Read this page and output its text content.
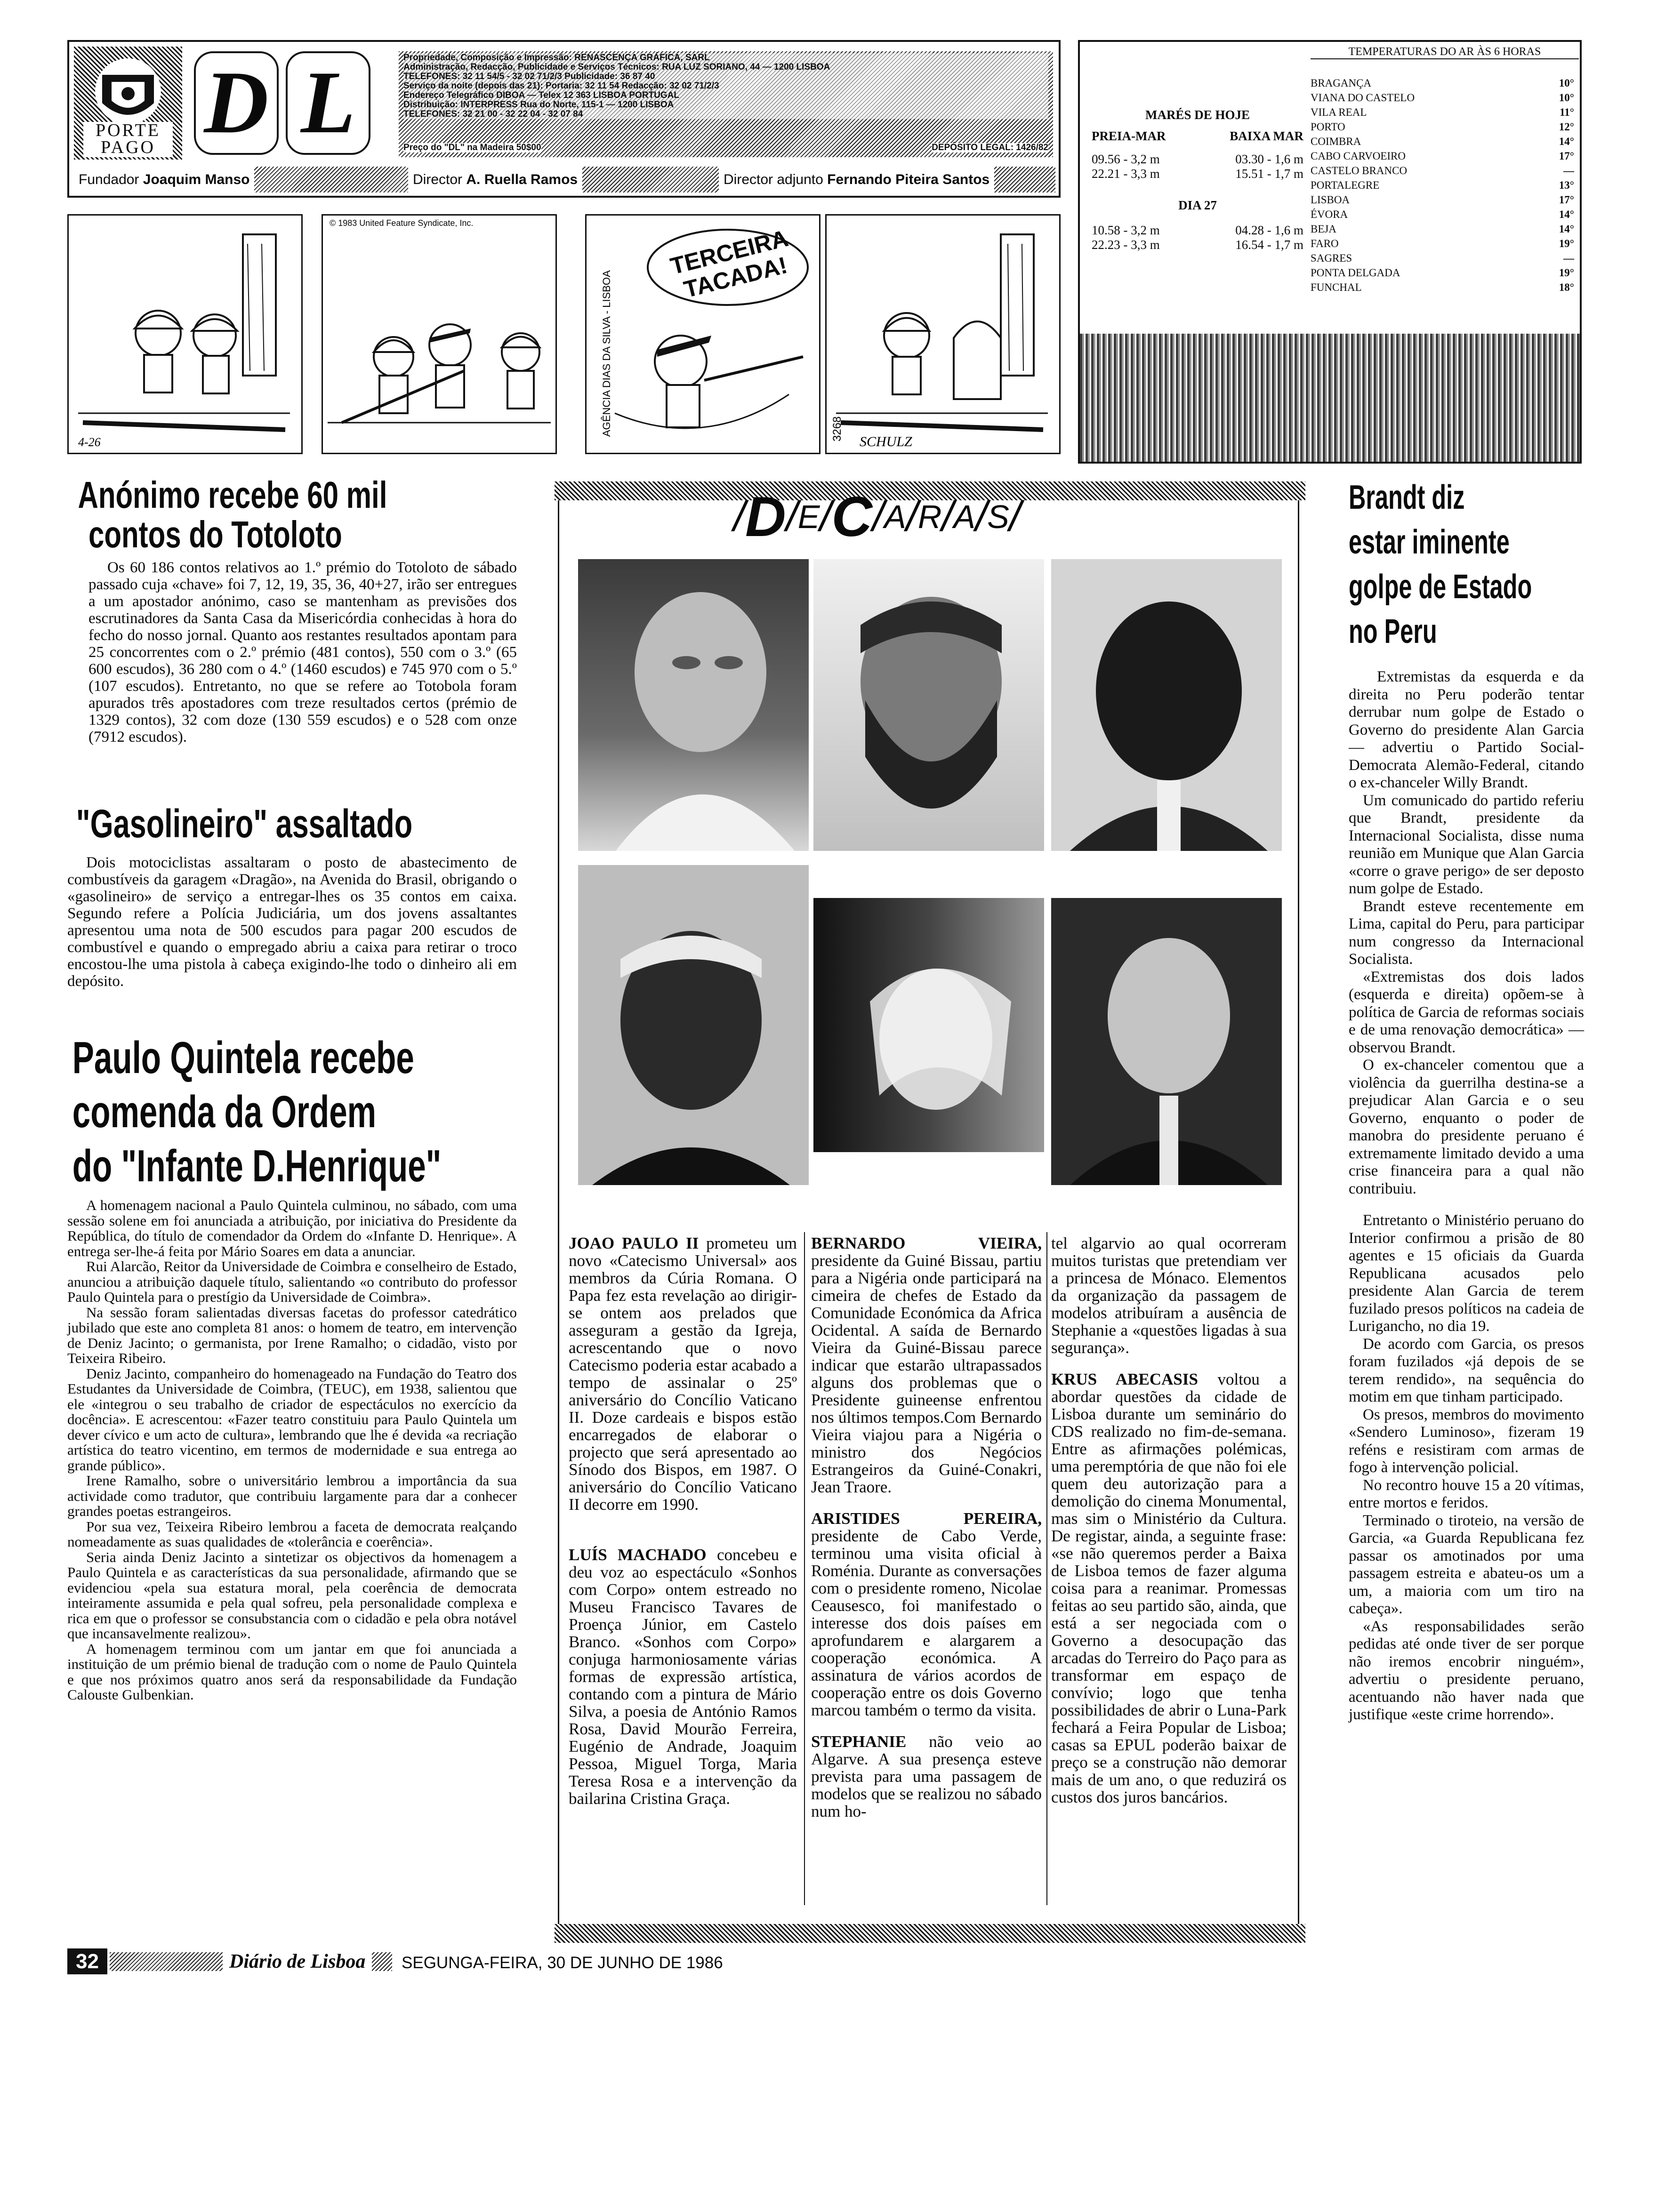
PORTE
PAGO D L	Propriedade, Composição e Impressão: RENASCENÇA GRÁFICA, SARL
Administração, Redacção, Publicidade e Serviços Técnicos: RUA LUZ SORIANO, 44 — 1200 LISBOA
TELEFONES: 32 11 54/5 - 32 02 71/2/3 Publicidade: 36 87 40
Serviço da noite (depois das 21): Portaria: 32 11 54 Redacção: 32 02 71/2/3
Endereço Telegráfico DIBOA — Telex 12 363 LISBOA PORTUGAL
Distribuição: INTERPRESS Rua do Norte, 115-1 — 1200 LISBOA
TELEFONES: 32 21 00 - 32 22 04 - 32 07 84
Preço do "DL" na Madeira 50$00	DEPÓSITO LEGAL: 1426/82
Fundador Joaquim Manso	Director A. Ruella Ramos	Director adjunto Fernando Piteira Santos
4-26
© 1983 United Feature Syndicate, Inc.
AGÊNCIA DIAS DA SILVA - LISBOA
TERCEIRA TACADA!
3268
SCHULZ
TEMPERATURAS DO AR ÀS 6 HORAS
MARÉS DE HOJE
PREIA-MAR	BAIXA MAR
09.56 - 3,2 m	03.30 - 1,6 m
22.21 - 3,3 m	15.51 - 1,7 m
DIA 27
10.58 - 3,2 m	04.28 - 1,6 m
22.23 - 3,3 m	16.54 - 1,7 m
BRAGANÇA	10°
VIANA DO CASTELO	10°
VILA REAL	11°
PORTO	12°
COIMBRA	14°
CABO CARVOEIRO	17°
CASTELO BRANCO	—
PORTALEGRE	13°
LISBOA	17°
ÉVORA	14°
BEJA	14°
FARO	19°
SAGRES	—
PONTA DELGADA	19°
FUNCHAL	18°
Anónimo recebe 60 mil
contos do Totoloto

Os 60 186 contos relativos ao 1.º prémio do Totoloto de sábado passado cuja «chave» foi 7, 12, 19, 35, 36, 40+27, irão ser entregues a um apostador anónimo, caso se mantenham as previsões dos escrutinadores da Santa Casa da Misericórdia conhecidas à hora do fecho do nosso jornal. Quanto aos restantes resultados apontam para 25 concorrentes com o 2.º prémio (481 contos), 550 com o 3.º (65 600 escudos), 36 280 com o 4.º (1460 escudos) e 745 970 com o 5.º (107 escudos). Entretanto, no que se refere ao Totobola foram apurados três apostadores com treze resultados certos (prémio de 1329 contos), 32 com doze (130 559 escudos) e o 528 com onze (7912 escudos).

"Gasolineiro" assaltado

Dois motociclistas assaltaram o posto de abastecimento de combustíveis da garagem «Dragão», na Avenida do Brasil, obrigando o «gasolineiro» de serviço a entregar-lhes os 35 contos em caixa. Segundo refere a Polícia Judiciária, um dos jovens assaltantes apresentou uma nota de 500 escudos para pagar 200 escudos de combustível e quando o empregado abriu a caixa para retirar o troco encostou-lhe uma pistola à cabeça exigindo-lhe todo o dinheiro ali em depósito.

Paulo Quintela recebe
comenda da Ordem
do "Infante D.Henrique"

A homenagem nacional a Paulo Quintela culminou, no sábado, com uma sessão solene em foi anunciada a atribuição, por iniciativa do Presidente da República, do título de comendador da Ordem do «Infante D. Henrique». A entrega ser-lhe-á feita por Mário Soares em data a anunciar.

Rui Alarcão, Reitor da Universidade de Coimbra e conselheiro de Estado, anunciou a atribuição daquele título, salientando «o contributo do professor Paulo Quintela para o prestígio da Universidade de Coimbra».

Na sessão foram salientadas diversas facetas do professor catedrático jubilado que este ano completa 81 anos: o homem de teatro, em intervenção de Deniz Jacinto; o germanista, por Irene Ramalho; o cidadão, visto por Teixeira Ribeiro.

Deniz Jacinto, companheiro do homenageado na Fundação do Teatro dos Estudantes da Universidade de Coimbra, (TEUC), em 1938, salientou que ele «integrou o seu trabalho de criador de espectáculos no exercício da docência». E acrescentou: «Fazer teatro constituiu para Paulo Quintela um dever cívico e um acto de cultura», lembrando que lhe é devida «a recriação artística do teatro vicentino, em termos de modernidade e sua entrega ao grande público».

Irene Ramalho, sobre o universitário lembrou a importância da sua actividade como tradutor, que contribuiu largamente para dar a conhecer grandes poetas estrangeiros.

Por sua vez, Teixeira Ribeiro lembrou a faceta de democrata realçando nomeadamente as suas qualidades de «tolerância e coerência».

Seria ainda Deniz Jacinto a sintetizar os objectivos da homenagem a Paulo Quintela e as características da sua personalidade, afirmando que se evidenciou «pela sua estatura moral, pela coerência de democrata inteiramente assumida e pela qual sofreu, pela personalidade complexa e rica em que o professor se consubstancia com o cidadão e pela obra notável que incansavelmente realizou».

A homenagem terminou com um jantar em que foi anunciada a instituição de um prémio bienal de tradução com o nome de Paulo Quintela e que nos próximos quatro anos será da responsabilidade da Fundação Calouste Gulbenkian.

/ D / E / C / A / R / A / S /

JOAO PAULO II prometeu um novo «Catecismo Universal» aos membros da Cúria Romana. O Papa fez esta revelação ao dirigir-se ontem aos prelados que asseguram a gestão da Igreja, acrescentando que o novo Catecismo poderia estar acabado a tempo de assinalar o 25º aniversário do Concílio Vaticano II. Doze cardeais e bispos estão encarregados de elaborar o projecto que será apresentado ao Sínodo dos Bispos, em 1987. O aniversário do Concílio Vaticano II decorre em 1990.

LUÍS MACHADO concebeu e deu voz ao espectáculo «Sonhos com Corpo» ontem estreado no Museu Francisco Tavares de Proença Júnior, em Castelo Branco. «Sonhos com Corpo» conjuga harmoniosamente várias formas de expressão artística, contando com a pintura de Mário Silva, a poesia de António Ramos Rosa, David Mourão Ferreira, Eugénio de Andrade, Joaquim Pessoa, Miguel Torga, Maria Teresa Rosa e a intervenção da bailarina Cristina Graça.

BERNARDO VIEIRA, presidente da Guiné Bissau, partiu para a Nigéria onde participará na cimeira de chefes de Estado da Comunidade Económica da Africa Ocidental. A saída de Bernardo Vieira da Guiné-Bissau parece indicar que estarão ultrapassados alguns dos problemas que o Presidente guineense enfrentou nos últimos tempos.Com Bernardo Vieira viajou para a Nigéria o ministro dos Negócios Estrangeiros da Guiné-Conakri, Jean Traore.

ARISTIDES PEREIRA, presidente de Cabo Verde, terminou uma visita oficial à Roménia. Durante as conversações com o presidente romeno, Nicolae Ceausesco, foi manifestado o interesse dos dois países em aprofundarem e alargarem a cooperação económica. A assinatura de vários acordos de cooperação entre os dois Governo marcou também o termo da visita.

STEPHANIE não veio ao Algarve. A sua presença esteve prevista para uma passagem de modelos que se realizou no sábado num ho-

tel algarvio ao qual ocorreram muitos turistas que pretendiam ver a princesa de Mónaco. Elementos da organização da passagem de modelos atribuíram a ausência de Stephanie a «questões ligadas à sua segurança».

KRUS ABECASIS voltou a abordar questões da cidade de Lisboa durante um seminário do CDS realizado no fim-de-semana. Entre as afirmações polémicas, uma peremptória de que não foi ele quem deu autorização para a demolição do cinema Monumental, mas sim o Ministério da Cultura. De registar, ainda, a seguinte frase: «se não queremos perder a Baixa de Lisboa temos de fazer alguma coisa para a reanimar. Promessas feitas ao seu partido são, ainda, que está a ser negociada com o Governo a desocupação das arcadas do Terreiro do Paço para as transformar em espaço de convívio; logo que tenha possibilidades de abrir o Luna-Park fechará a Feira Popular de Lisboa; casas sa EPUL poderão baixar de preço se a construção não demorar mais de um ano, o que reduzirá os custos dos juros bancários.

Brandt diz
estar iminente
golpe de Estado
no Peru

Extremistas da esquerda e da direita no Peru poderão tentar derrubar num golpe de Estado o Governo do presidente Alan Garcia — advertiu o Partido Social-Democrata Alemão-Federal, citando o ex-chanceler Willy Brandt.

Um comunicado do partido referiu que Brandt, presidente da Internacional Socialista, disse numa reunião em Munique que Alan Garcia «corre o grave perigo» de ser deposto num golpe de Estado.

Brandt esteve recentemente em Lima, capital do Peru, para participar num congresso da Internacional Socialista.

«Extremistas dos dois lados (esquerda e direita) opõem-se à política de Garcia de reformas sociais e de uma renovação democrática» — observou Brandt.

O ex-chanceler comentou que a violência da guerrilha destina-se a prejudicar Alan Garcia e o seu Governo, enquanto o poder de manobra do presidente peruano é extremamente limitado devido a uma crise financeira para a qual não contribuiu.

Entretanto o Ministério peruano do Interior confirmou a prisão de 80 agentes e 15 oficiais da Guarda Republicana acusados pelo presidente Alan Garcia de terem fuzilado presos políticos na cadeia de Lurigancho, no dia 19.

De acordo com Garcia, os presos foram fuzilados «já depois de se terem rendido», na sequência do motim em que tinham participado.

Os presos, membros do movimento «Sendero Luminoso», fizeram 19 reféns e resistiram com armas de fogo à intervenção policial.

No recontro houve 15 a 20 vítimas, entre mortos e feridos.

Terminado o tiroteio, na versão de Garcia, «a Guarda Republicana fez passar os amotinados por uma passagem estreita e abateu-os um a um, a maioria com um tiro na cabeça».

«As responsabilidades serão pedidas até onde tiver de ser porque não iremos encobrir ninguém», advertiu o presidente peruano, acentuando não haver nada que justifique «este crime horrendo».

32	Diário de Lisboa	SEGUNGA-FEIRA, 30 DE JUNHO DE 1986
